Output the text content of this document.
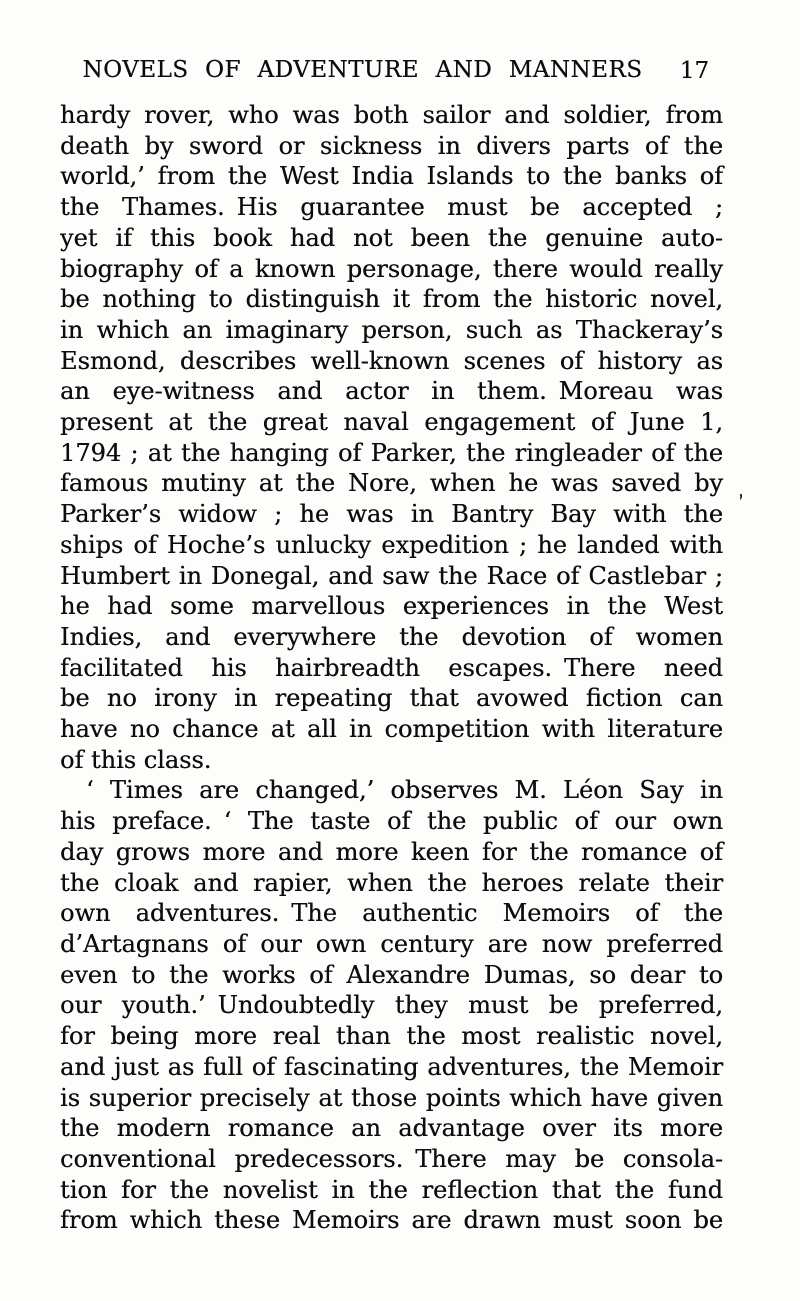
NOVELS OF ADVENTURE AND MANNERS	17
hardy rover, who was both sailor and soldier, from
death by sword or sickness in divers parts of the
world,’ from the West India Islands to the banks of
the Thames. His guarantee must be accepted ;
yet if this book had not been the genuine auto-
biography of a known personage, there would really
be nothing to distinguish it from the historic novel,
in which an imaginary person, such as Thackeray’s
Esmond, describes well-known scenes of history as
an eye-witness and actor in them. Moreau was
present at the great naval engagement of June 1,
1794 ; at the hanging of Parker, the ringleader of the
famous mutiny at the Nore, when he was saved by
Parker’s widow ; he was in Bantry Bay with the
ships of Hoche’s unlucky expedition ; he landed with
Humbert in Donegal, and saw the Race of Castlebar ;
he had some marvellous experiences in the West
Indies, and everywhere the devotion of women
facilitated his hairbreadth escapes. There need
be no irony in repeating that avowed fiction can
have no chance at all in competition with literature
of this class.
‘ Times are changed,’ observes M. Léon Say in
his preface. ‘ The taste of the public of our own
day grows more and more keen for the romance of
the cloak and rapier, when the heroes relate their
own adventures. The authentic Memoirs of the
d’Artagnans of our own century are now preferred
even to the works of Alexandre Dumas, so dear to
our youth.’ Undoubtedly they must be preferred,
for being more real than the most realistic novel,
and just as full of fascinating adventures, the Memoir
is superior precisely at those points which have given
the modern romance an advantage over its more
conventional predecessors. There may be consola-
tion for the novelist in the reflection that the fund
from which these Memoirs are drawn must soon be
‚
